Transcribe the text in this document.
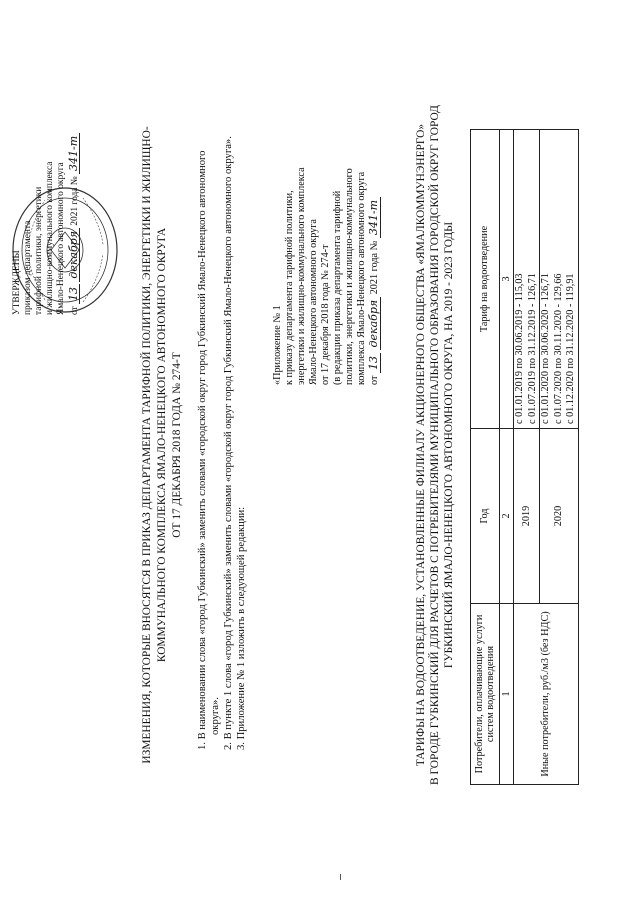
УТВЕРЖДЕНЫ приказом департамента тарифной политики, энергетики и жилищно-коммунального комплекса Ямало-Ненецкого автономного округа от 13 декабря 2021 года № 341-т	ИЗМЕНЕНИЯ, КОТОРЫЕ ВНОСЯТСЯ В ПРИКАЗ ДЕПАРТАМЕНТА ТАРИФНОЙ ПОЛИТИКИ, ЭНЕРГЕТИКИ И ЖИЛИЩНО- КОММУНАЛЬНОГО КОМПЛЕКСА ЯМАЛО-НЕНЕЦКОГО АВТОНОМНОГО ОКРУГА ОТ 17 ДЕКАБРЯ 2018 ГОДА № 274-Т 1. В наименовании слова «город Губкинский» заменить словами «городской округ город Губкинский Ямало-Ненецкого автономного округа». 2. В пункте 1 слова «город Губкинский» заменить словами «городской округ город Губкинский Ямало-Ненецкого автономного округа». 3. Приложение № 1 изложить в следующей редакции:
«Приложение № 1 к приказу департамента тарифной политики, энергетики и жилищно-коммунального комплекса Ямало-Ненецкого автономного округа от 17 декабря 2018 года № 274-т (в редакции приказа департамента тарифной политики, энергетики и жилищно-коммунального комплекса Ямало-Ненецкого автономного округа от 13 декабря 2021 года № 341-т	ТАРИФЫ НА ВОДООТВЕДЕНИЕ, УСТАНОВЛЕННЫЕ ФИЛИАЛУ АКЦИОНЕРНОГО ОБЩЕСТВА «ЯМАЛКОММУНЭНЕРГО» В ГОРОДЕ ГУБКИНСКИЙ ДЛЯ РАСЧЕТОВ С ПОТРЕБИТЕЛЯМИ МУНИЦИПАЛЬНОГО ОБРАЗОВАНИЯ ГОРОДСКОЙ ОКРУГ ГОРОД ГУБКИНСКИЙ ЯМАЛО-НЕНЕЦКОГО АВТОНОМНОГО ОКРУГА, НА 2019 - 2023 ГОДЫ
Потребители, оплачивающие услуги систем водоотведения	Год	Тариф на водоотведение
1	2	3
Иные потребители, руб./м3 (без НДС)	2019	с 01.01.2019 по 30.06.2019 - 115,03 с 01.07.2019 по 31.12.2019 - 126,71

	2020	с 01.01.2020 по 30.06.2020 - 126,71 с 01.07.2020 по 30.11.2020 - 129,66 с 01.12.2020 по 31.12.2020 - 119,91
